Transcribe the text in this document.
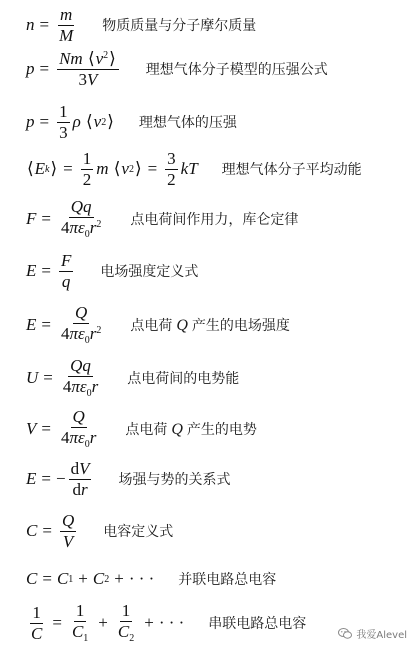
$n = \frac{m}{M}$ 物质质量与分子摩尔质量
$p = \frac{Nm ⟨v^2⟩}{3V}$ 理想气体分子模型的压强公式
$p = \frac{1}{3}$ ρ
⟨ v 2 ⟩ 理想气体的压强
⟨ E k ⟩ = $\frac{1}{2}$ m
⟨ v 2 ⟩ = $\frac{3}{2}$ kT 理想气体分子平均动能
$F = \frac{Qq}{4\pi\varepsilon_0r^2}$ 点电荷间作用力，库仑定律
$E = \frac{F}{q}$ 电场强度定义式
$E = \frac{Q}{4\pi\varepsilon_0r^2}$ 点电荷 Q 产生的电场强度
$U = \frac{Qq}{4\pi\varepsilon_0r}$ 点电荷间的电势能
$V = \frac{Q}{4\pi\varepsilon_0r}$ 点电荷 Q 产生的电势
E = − $\frac{dV}{dr}$ 场强与势的关系式
$C = \frac{Q}{V}$ 电容定义式
C = C 1 + C 2 + · · · 并联电路总电容
$\frac{1}{C} = \frac{1}{C_1} + \frac{1}{C_2}$ + · · · 串联电路总电容
我爱Alevel
